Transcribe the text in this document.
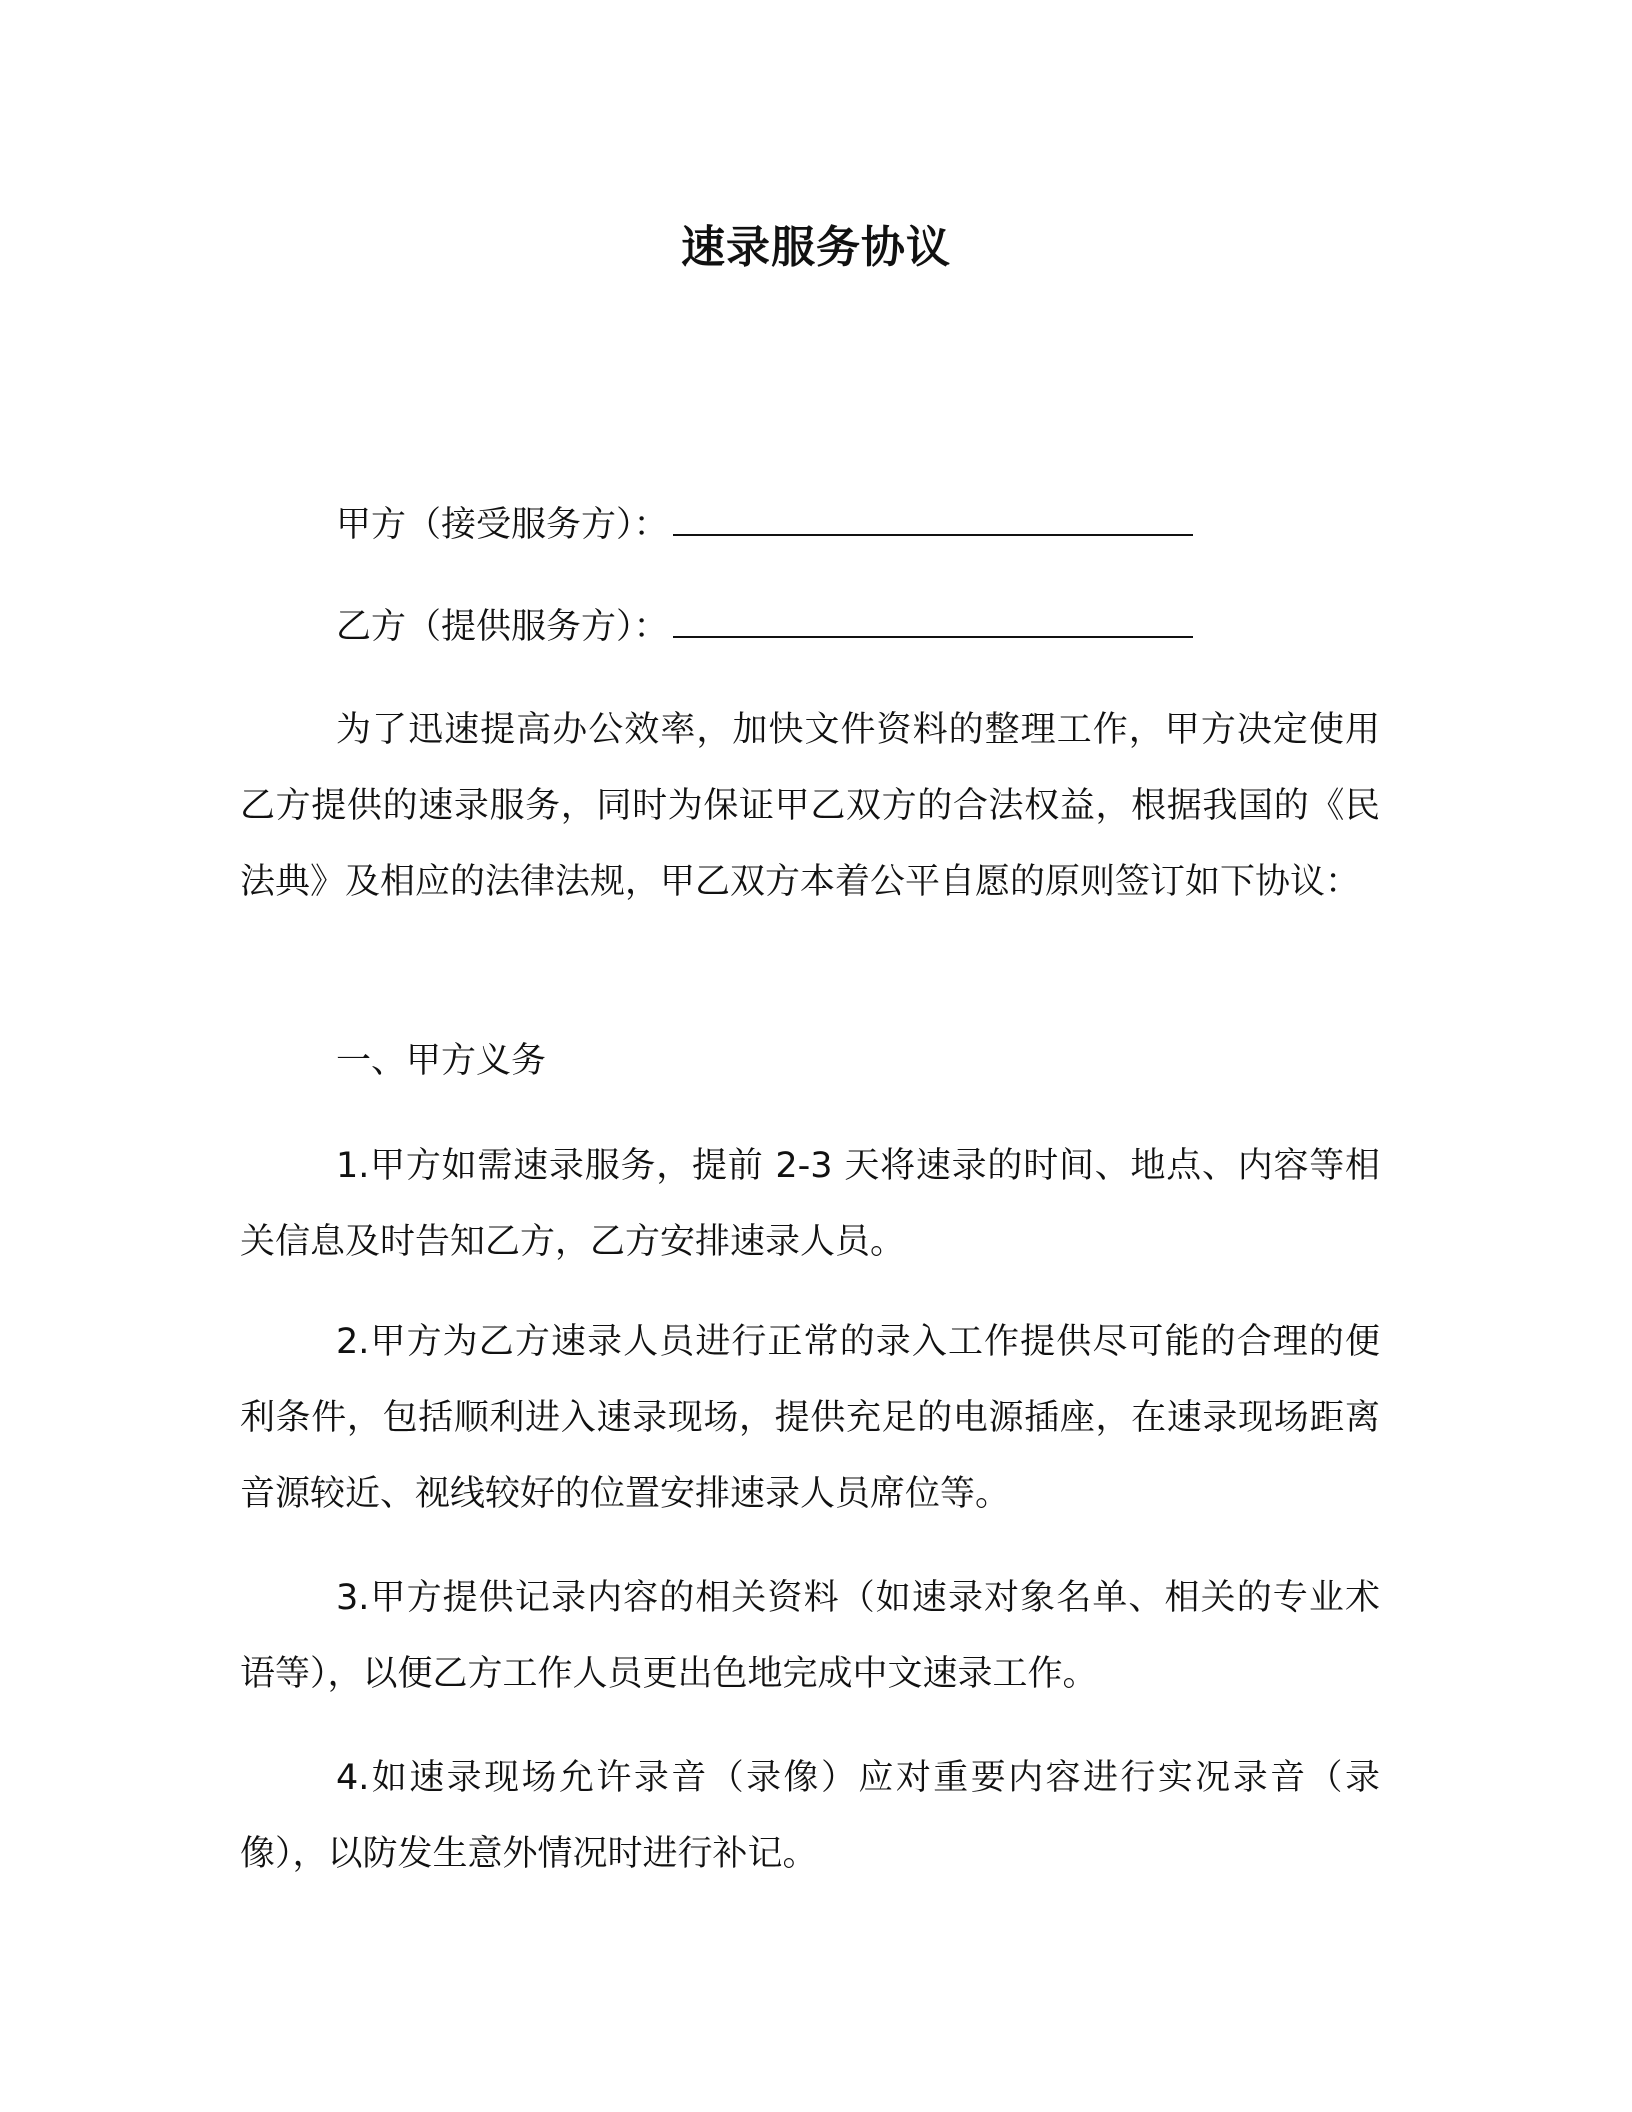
速录服务协议
甲方（接受服务方）：
乙方（提供服务方）：

为了迅速提高办公效率，加快文件资料的整理工作，甲方决定使用乙方提供的速录服务，同时为保证甲乙双方的合法权益，根据我国的《民法典》及相应的法律法规，甲乙双方本着公平自愿的原则签订如下协议：

一、甲方义务

1.甲方如需速录服务，提前 2-3 天将速录的时间、地点、内容等相关信息及时告知乙方，乙方安排速录人员。

2.甲方为乙方速录人员进行正常的录入工作提供尽可能的合理的便利条件，包括顺利进入速录现场，提供充足的电源插座，在速录现场距离音源较近、视线较好的位置安排速录人员席位等。

3.甲方提供记录内容的相关资料（如速录对象名单、相关的专业术语等），以便乙方工作人员更出色地完成中文速录工作。

4.如速录现场允许录音（录像）应对重要内容进行实况录音（录像），以防发生意外情况时进行补记。
